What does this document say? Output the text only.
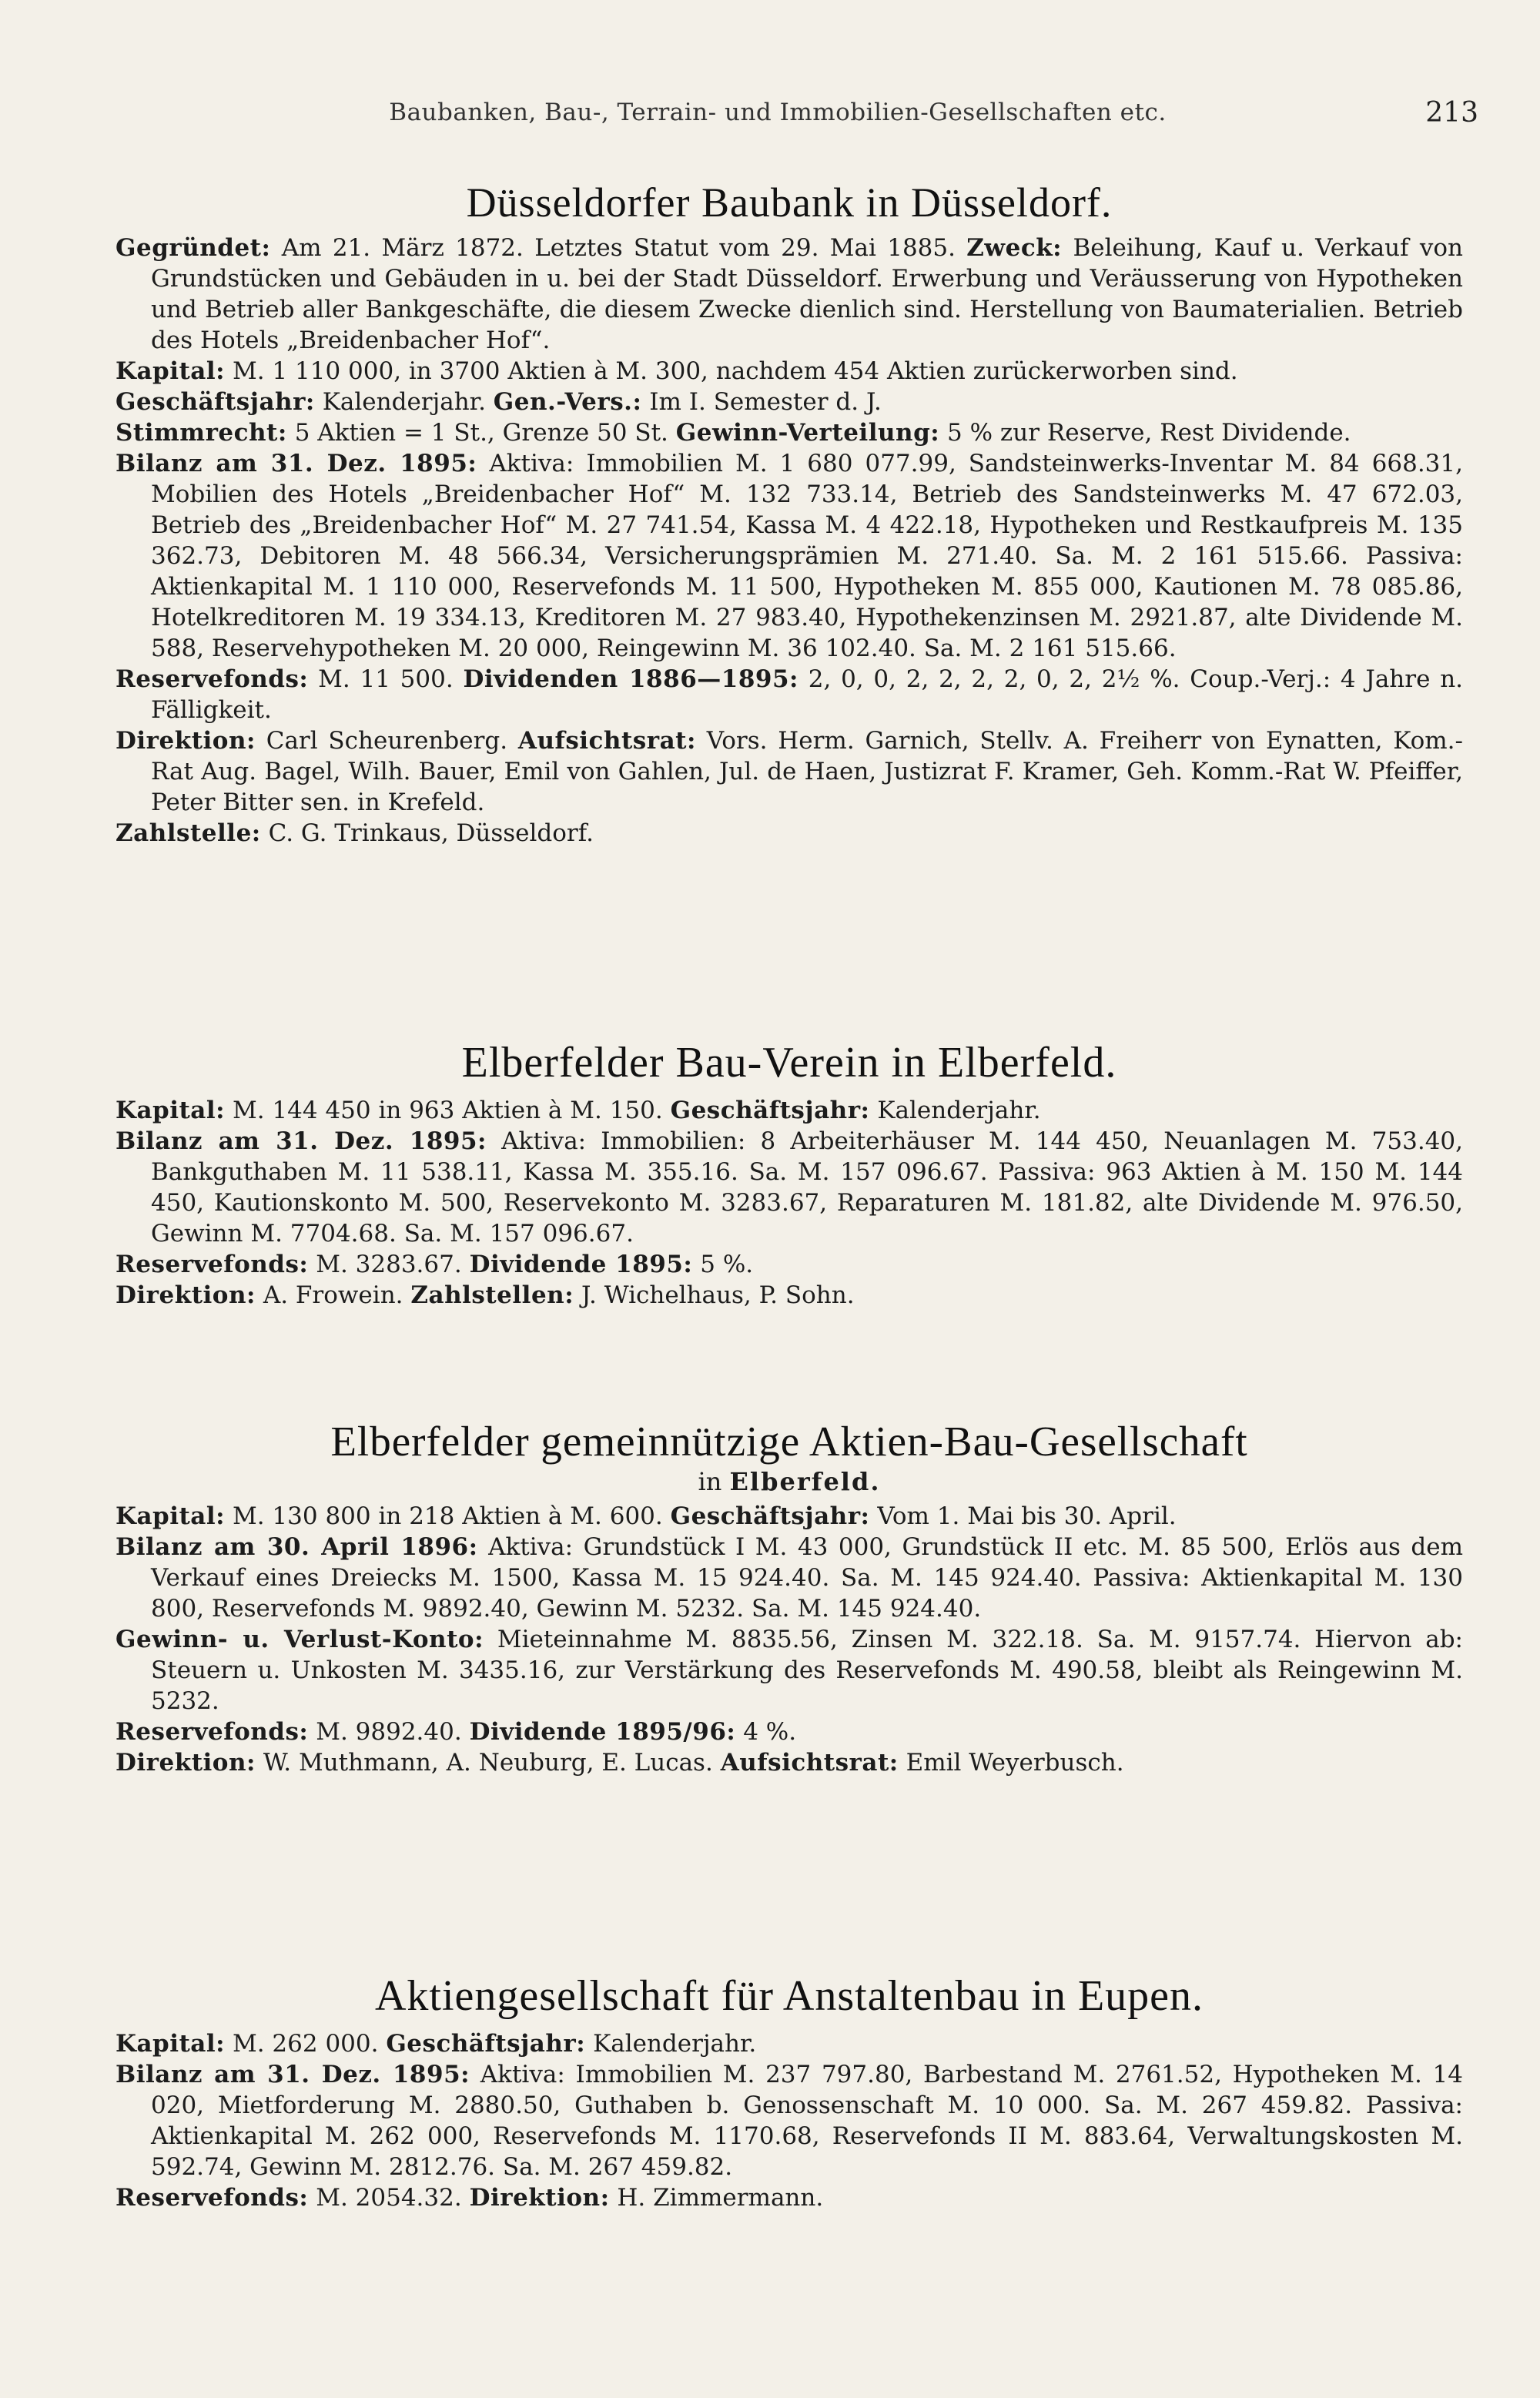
Baubanken, Bau-, Terrain- und Immobilien-Gesellschaften etc.	213
Düsseldorfer Baubank in Düsseldorf.

Gegründet: Am 21. März 1872. Letztes Statut vom 29. Mai 1885. Zweck: Beleihung, Kauf u. Verkauf von Grundstücken und Gebäuden in u. bei der Stadt Düsseldorf. Erwerbung und Veräusserung von Hypotheken und Betrieb aller Bankgeschäfte, die diesem Zwecke dienlich sind. Herstellung von Baumaterialien. Betrieb des Hotels „Breidenbacher Hof“.

Kapital: M. 1 110 000, in 3700 Aktien à M. 300, nachdem 454 Aktien zurückerworben sind.

Geschäftsjahr: Kalenderjahr. Gen.-Vers.: Im I. Semester d. J.

Stimmrecht: 5 Aktien = 1 St., Grenze 50 St. Gewinn-Verteilung: 5 % zur Reserve, Rest Dividende.

Bilanz am 31. Dez. 1895: Aktiva: Immobilien M. 1 680 077.99, Sandsteinwerks-Inventar M. 84 668.31, Mobilien des Hotels „Breidenbacher Hof“ M. 132 733.14, Betrieb des Sandsteinwerks M. 47 672.03, Betrieb des „Breidenbacher Hof“ M. 27 741.54, Kassa M. 4 422.18, Hypotheken und Restkaufpreis M. 135 362.73, Debitoren M. 48 566.34, Versicherungsprämien M. 271.40. Sa. M. 2 161 515.66. Passiva: Aktienkapital M. 1 110 000, Reservefonds M. 11 500, Hypotheken M. 855 000, Kautionen M. 78 085.86, Hotelkreditoren M. 19 334.13, Kreditoren M. 27 983.40, Hypothekenzinsen M. 2921.87, alte Dividende M. 588, Reservehypotheken M. 20 000, Reingewinn M. 36 102.40. Sa. M. 2 161 515.66.

Reservefonds: M. 11 500. Dividenden 1886—1895: 2, 0, 0, 2, 2, 2, 2, 0, 2, 2½ %. Coup.-Verj.: 4 Jahre n. Fälligkeit.

Direktion: Carl Scheurenberg. Aufsichtsrat: Vors. Herm. Garnich, Stellv. A. Freiherr von Eynatten, Kom.-Rat Aug. Bagel, Wilh. Bauer, Emil von Gahlen, Jul. de Haen, Justizrat F. Kramer, Geh. Komm.-Rat W. Pfeiffer, Peter Bitter sen. in Krefeld.

Zahlstelle: C. G. Trinkaus, Düsseldorf.

Elberfelder Bau-Verein in Elberfeld.

Kapital: M. 144 450 in 963 Aktien à M. 150. Geschäftsjahr: Kalenderjahr.

Bilanz am 31. Dez. 1895: Aktiva: Immobilien: 8 Arbeiterhäuser M. 144 450, Neuanlagen M. 753.40, Bankguthaben M. 11 538.11, Kassa M. 355.16. Sa. M. 157 096.67. Passiva: 963 Aktien à M. 150 M. 144 450, Kautionskonto M. 500, Reservekonto M. 3283.67, Reparaturen M. 181.82, alte Dividende M. 976.50, Gewinn M. 7704.68. Sa. M. 157 096.67.

Reservefonds: M. 3283.67. Dividende 1895: 5 %.

Direktion: A. Frowein. Zahlstellen: J. Wichelhaus, P. Sohn.

Elberfelder gemeinnützige Aktien-Bau-Gesellschaft
in Elberfeld.

Kapital: M. 130 800 in 218 Aktien à M. 600. Geschäftsjahr: Vom 1. Mai bis 30. April.

Bilanz am 30. April 1896: Aktiva: Grundstück I M. 43 000, Grundstück II etc. M. 85 500, Erlös aus dem Verkauf eines Dreiecks M. 1500, Kassa M. 15 924.40. Sa. M. 145 924.40. Passiva: Aktienkapital M. 130 800, Reservefonds M. 9892.40, Gewinn M. 5232. Sa. M. 145 924.40.

Gewinn- u. Verlust-Konto: Mieteinnahme M. 8835.56, Zinsen M. 322.18. Sa. M. 9157.74. Hiervon ab: Steuern u. Unkosten M. 3435.16, zur Verstärkung des Reservefonds M. 490.58, bleibt als Reingewinn M. 5232.

Reservefonds: M. 9892.40. Dividende 1895/96: 4 %.

Direktion: W. Muthmann, A. Neuburg, E. Lucas. Aufsichtsrat: Emil Weyerbusch.

Aktiengesellschaft für Anstaltenbau in Eupen.

Kapital: M. 262 000. Geschäftsjahr: Kalenderjahr.

Bilanz am 31. Dez. 1895: Aktiva: Immobilien M. 237 797.80, Barbestand M. 2761.52, Hypotheken M. 14 020, Mietforderung M. 2880.50, Guthaben b. Genossenschaft M. 10 000. Sa. M. 267 459.82. Passiva: Aktienkapital M. 262 000, Reservefonds M. 1170.68, Reservefonds II M. 883.64, Verwaltungskosten M. 592.74, Gewinn M. 2812.76. Sa. M. 267 459.82.

Reservefonds: M. 2054.32. Direktion: H. Zimmermann.
